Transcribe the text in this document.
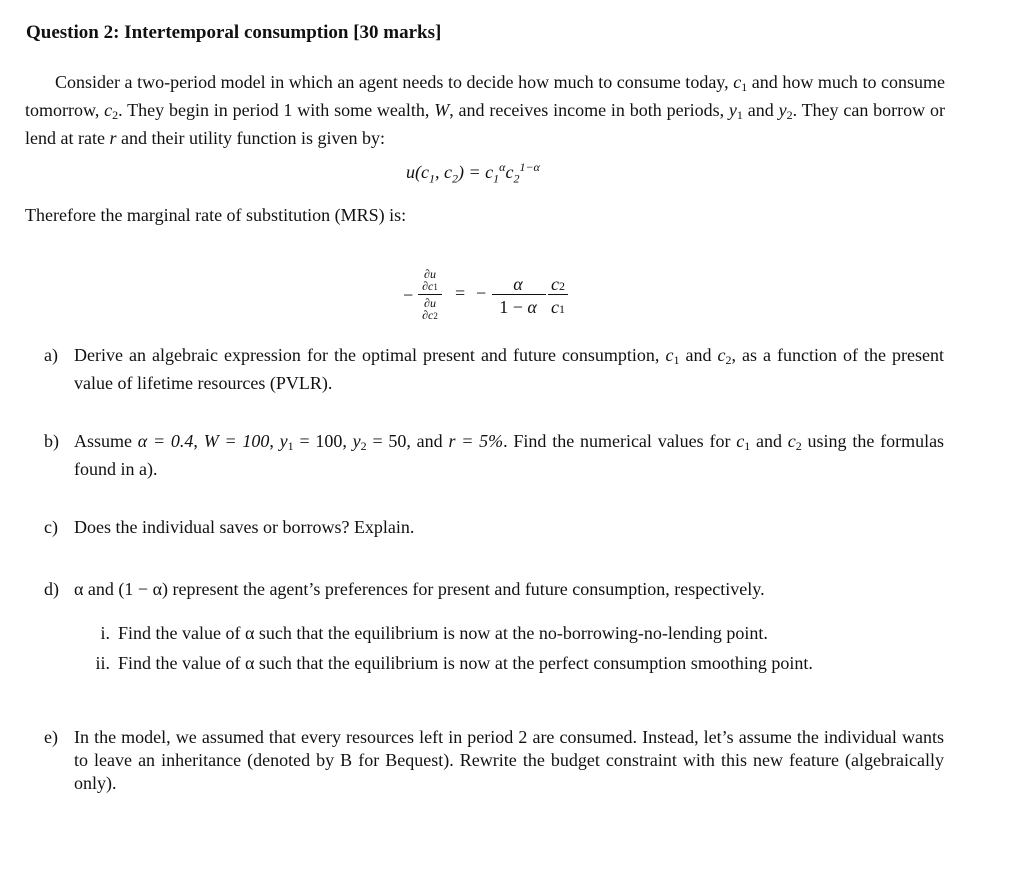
Question 2: Intertemporal consumption [30 marks]
Consider a two-period model in which an agent needs to decide how much to consume today, $c_1$ and how much to consume tomorrow, $c_2$. They begin in period 1 with some wealth, W, and receives income in both periods, $y_1$ and $y_2$. They can borrow or lend at rate r and their utility function is given by:
$u(c_1$, $c_2) = c_1^\alpha c_2^{1-\alpha}$
Therefore the marginal rate of substitution (MRS) is:
−
∂u
∂c1
∂u
∂c2
= −	α
1 − α
c2
c1
a) Derive an algebraic expression for the optimal present and future consumption, $c_1$ and $c_2$, as a function of the present value of lifetime resources (PVLR).
b) Assume α = 0.4, W = 100, $y_1 = 100$, $y_2 = 50$, and r = 5%. Find the numerical values for $c_1$ and $c_2$ using the formulas found in a).
c) Does the individual saves or borrows? Explain.
d) α and (1 − α) represent the agent’s preferences for present and future consumption, respectively.
i. Find the value of α such that the equilibrium is now at the no-borrowing-no-lending point.
ii. Find the value of α such that the equilibrium is now at the perfect consumption smoothing point.
e) In the model, we assumed that every resources left in period 2 are consumed. Instead, let’s assume the individual wants to leave an inheritance (denoted by B for Bequest). Rewrite the budget constraint with this new feature (algebraically only).
